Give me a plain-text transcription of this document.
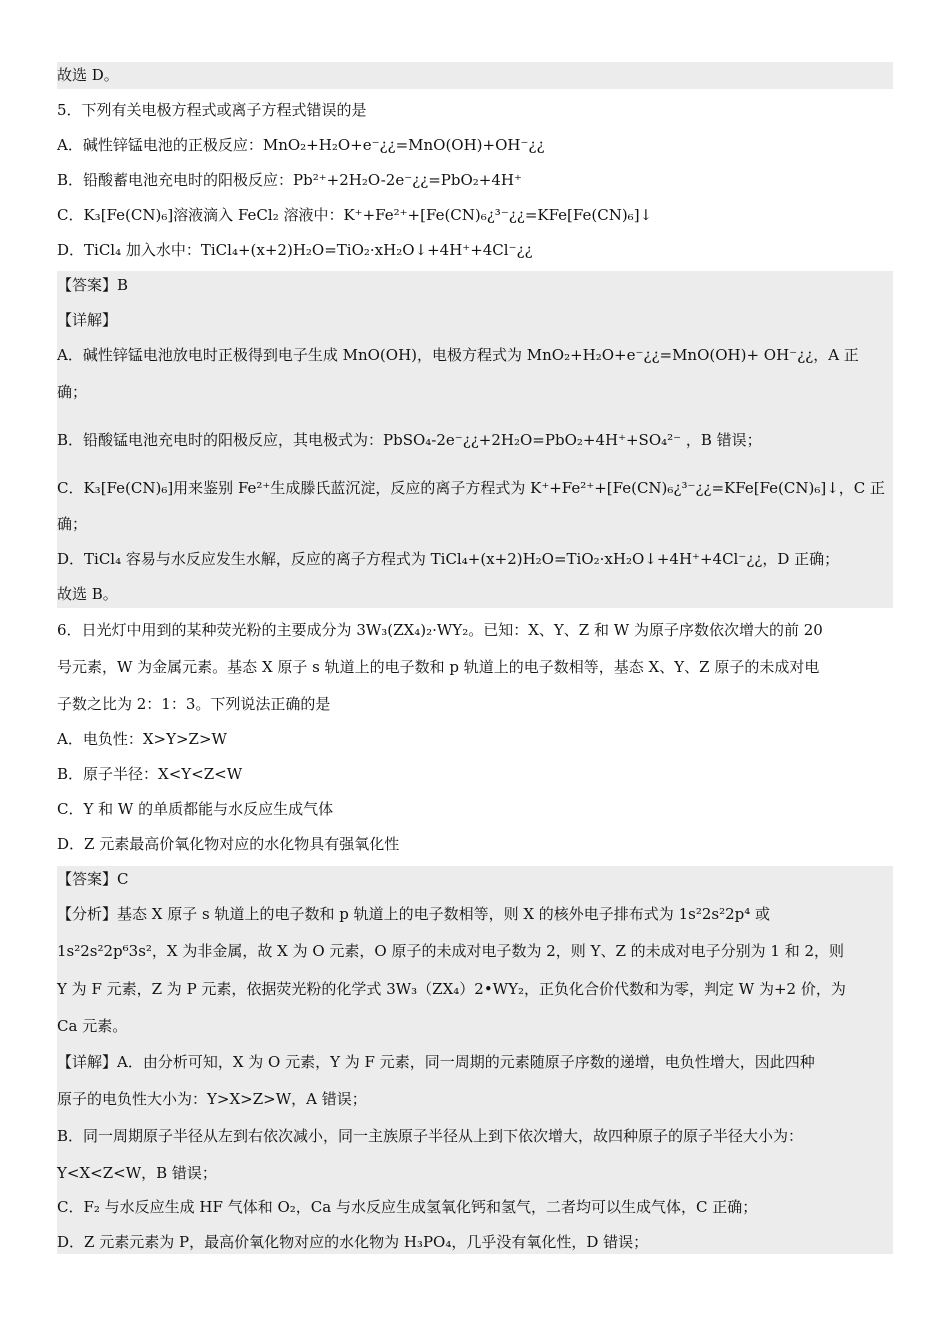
故选 D。
5．下列有关电极方程式或离子方程式错误的是
A．碱性锌锰电池的正极反应：MnO₂+H₂O+e⁻¿¿=MnO(OH)+OH⁻¿¿
B．铅酸蓄电池充电时的阳极反应：Pb²⁺+2H₂O-2e⁻¿¿=PbO₂+4H⁺
C．K₃[Fe(CN)₆]溶液滴入 FeCl₂ 溶液中：K⁺+Fe²⁺+[Fe(CN)₆¿³⁻¿¿=KFe[Fe(CN)₆]↓
D．TiCl₄ 加入水中：TiCl₄+(x+2)H₂O=TiO₂·xH₂O↓+4H⁺+4Cl⁻¿¿
【答案】B
【详解】
A．碱性锌锰电池放电时正极得到电子生成 MnO(OH)，电极方程式为 MnO₂+H₂O+e⁻¿¿=MnO(OH)+ OH⁻¿¿，A 正
确；
B．铅酸锰电池充电时的阳极反应，其电极式为：PbSO₄-2e⁻¿¿+2H₂O=PbO₂+4H⁺+SO₄²⁻ ，B 错误；
C．K₃[Fe(CN)₆]用来鉴别 Fe²⁺生成滕氏蓝沉淀，反应的离子方程式为 K⁺+Fe²⁺+[Fe(CN)₆¿³⁻¿¿=KFe[Fe(CN)₆]↓，C 正
确；
D．TiCl₄ 容易与水反应发生水解，反应的离子方程式为 TiCl₄+(x+2)H₂O=TiO₂·xH₂O↓+4H⁺+4Cl⁻¿¿，D 正确；
故选 B。
6．日光灯中用到的某种荧光粉的主要成分为 3W₃(ZX₄)₂·WY₂。已知：X、Y、Z 和 W 为原子序数依次增大的前 20
号元素，W 为金属元素。基态 X 原子 s 轨道上的电子数和 p 轨道上的电子数相等，基态 X、Y、Z 原子的未成对电
子数之比为 2：1：3。下列说法正确的是
A．电负性：X>Y>Z>W
B．原子半径：X<Y<Z<W
C．Y 和 W 的单质都能与水反应生成气体
D．Z 元素最高价氧化物对应的水化物具有强氧化性
【答案】C
【分析】基态 X 原子 s 轨道上的电子数和 p 轨道上的电子数相等，则 X 的核外电子排布式为 1s²2s²2p⁴ 或
1s²2s²2p⁶3s²，X 为非金属，故 X 为 O 元素，O 原子的未成对电子数为 2，则 Y、Z 的未成对电子分别为 1 和 2，则
Y 为 F 元素，Z 为 P 元素，依据荧光粉的化学式 3W₃（ZX₄）2•WY₂，正负化合价代数和为零，判定 W 为+2 价，为
Ca 元素。
【详解】A．由分析可知，X 为 O 元素，Y 为 F 元素，同一周期的元素随原子序数的递增，电负性增大，因此四种
原子的电负性大小为：Y>X>Z>W，A 错误；
B．同一周期原子半径从左到右依次减小，同一主族原子半径从上到下依次增大，故四种原子的原子半径大小为：
Y<X<Z<W，B 错误；
C．F₂ 与水反应生成 HF 气体和 O₂，Ca 与水反应生成氢氧化钙和氢气，二者均可以生成气体，C 正确；
D．Z 元素元素为 P，最高价氧化物对应的水化物为 H₃PO₄，几乎没有氧化性，D 错误；
